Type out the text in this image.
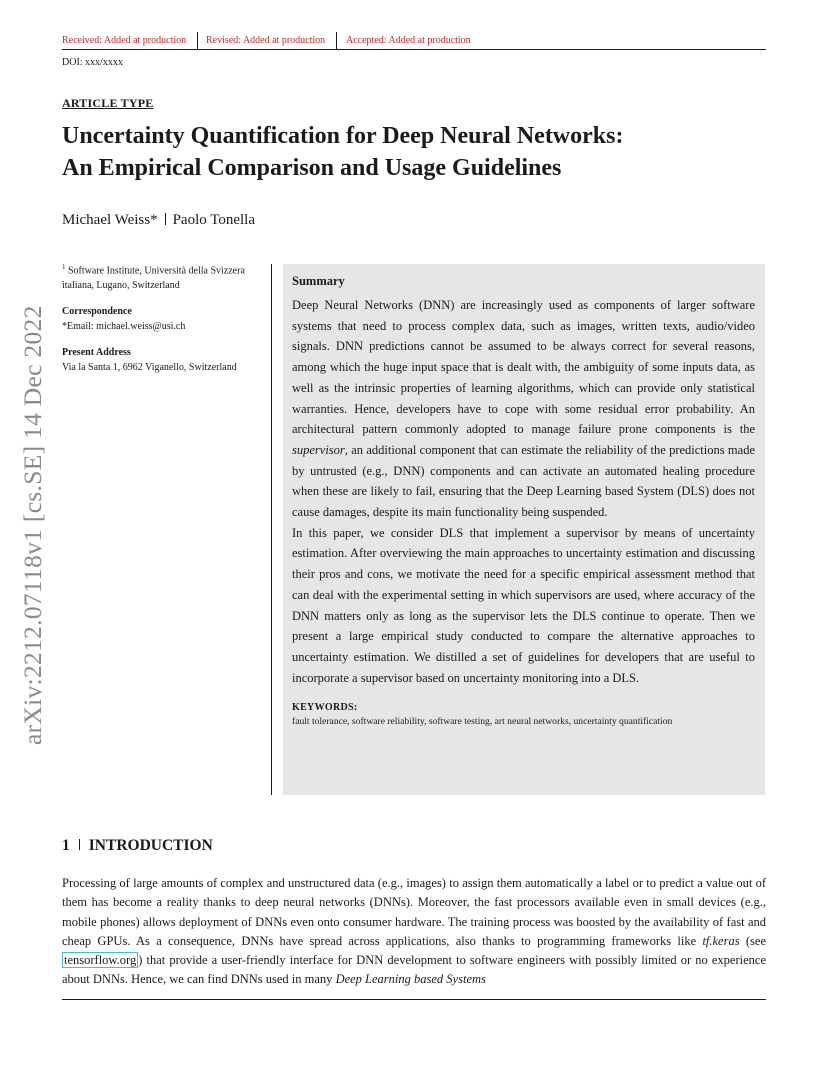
Received: Added at production Revised: Added at production Accepted: Added at production
DOI: xxx/xxxx
ARTICLE TYPE
Uncertainty Quantification for Deep Neural Networks:
An Empirical Comparison and Usage Guidelines
Michael Weiss* Paolo Tonella
$^1$ Software Institute, Università della Svizzera italiana, Lugano, Switzerland
Correspondence
*Email: michael.weiss@usi.ch
Present Address
Via la Santa 1, 6962 Viganello, Switzerland
Summary

Deep Neural Networks (DNN) are increasingly used as components of larger software systems that need to process complex data, such as images, written texts, audio/video signals. DNN predictions cannot be assumed to be always correct for several reasons, among which the huge input space that is dealt with, the ambiguity of some inputs data, as well as the intrinsic properties of learning algorithms, which can provide only statistical warranties. Hence, developers have to cope with some residual error probability. An architectural pattern commonly adopted to manage failure prone components is the supervisor, an additional component that can estimate the reliability of the predictions made by untrusted (e.g., DNN) components and can activate an automated healing procedure when these are likely to fail, ensuring that the Deep Learning based System (DLS) does not cause damages, despite its main functionality being suspended.

In this paper, we consider DLS that implement a supervisor by means of uncertainty estimation. After overviewing the main approaches to uncertainty estimation and discussing their pros and cons, we motivate the need for a specific empirical assessment method that can deal with the experimental setting in which supervisors are used, where accuracy of the DNN matters only as long as the supervisor lets the DLS continue to operate. Then we present a large empirical study conducted to compare the alternative approaches to uncertainty estimation. We distilled a set of guidelines for developers that are useful to incorporate a supervisor based on uncertainty monitoring into a DLS.

KEYWORDS:
fault tolerance, software reliability, software testing, art neural networks, uncertainty quantification
arXiv:2212.07118v1 [cs.SE] 14 Dec 2022
1 INTRODUCTION

Processing of large amounts of complex and unstructured data (e.g., images) to assign them automatically a label or to predict a value out of them has become a reality thanks to deep neural networks (DNNs). Moreover, the fast processors available even in small devices (e.g., mobile phones) allows deployment of DNNs even onto consumer hardware. The training process was boosted by the availability of fast and cheap GPUs. As a consequence, DNNs have spread across applications, also thanks to programming frameworks like tf.keras (see tensorflow.org ) that provide a user-friendly interface for DNN development to software engineers with possibly limited or no experience about DNNs. Hence, we can find DNNs used in many Deep Learning based Systems
